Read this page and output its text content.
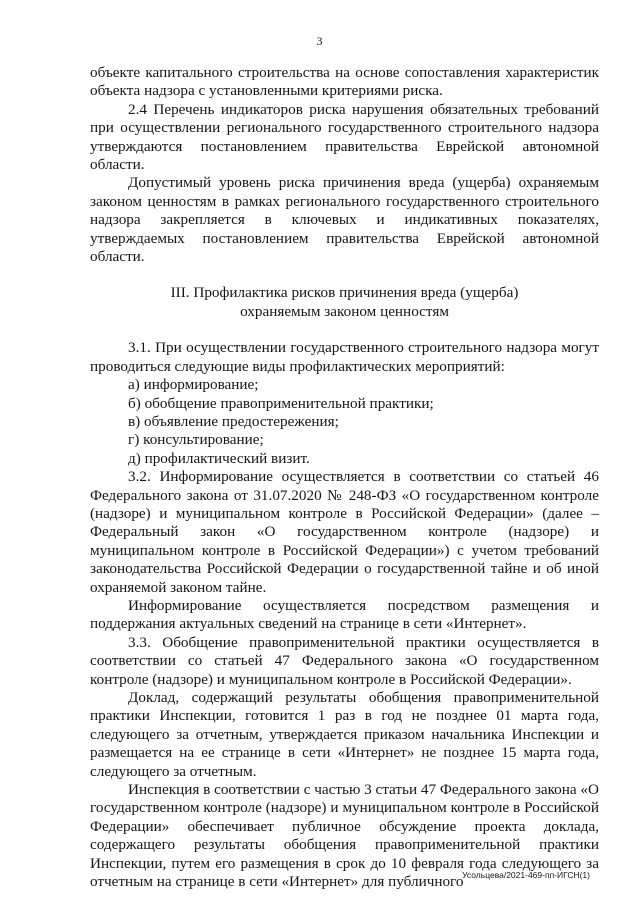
3

объекте капитального строительства на основе сопоставления характеристик объекта надзора с установленными критериями риска.

2.4 Перечень индикаторов риска нарушения обязательных требований при осуществлении регионального государственного строительного надзора утверждаются постановлением правительства Еврейской автономной области.

Допустимый уровень риска причинения вреда (ущерба) охраняемым законом ценностям в рамках регионального государственного строительного надзора закрепляется в ключевых и индикативных показателях, утверждаемых постановлением правительства Еврейской автономной области.

III. Профилактика рисков причинения вреда (ущерба)

охраняемым законом ценностям

3.1. При осуществлении государственного строительного надзора могут проводиться следующие виды профилактических мероприятий:

а) информирование;

б) обобщение правоприменительной практики;

в) объявление предостережения;

г) консультирование;

д) профилактический визит.

3.2. Информирование осуществляется в соответствии со статьей 46 Федерального закона от 31.07.2020 № 248-ФЗ «О государственном контроле (надзоре) и муниципальном контроле в Российской Федерации» (далее – Федеральный закон «О государственном контроле (надзоре) и муниципальном контроле в Российской Федерации») с учетом требований законодательства Российской Федерации о государственной тайне и об иной охраняемой законом тайне.

Информирование осуществляется посредством размещения и поддержания актуальных сведений на странице в сети «Интернет».

3.3. Обобщение правоприменительной практики осуществляется в соответствии со статьей 47 Федерального закона «О государственном контроле (надзоре) и муниципальном контроле в Российской Федерации».

Доклад, содержащий результаты обобщения правоприменительной практики Инспекции, готовится 1 раз в год не позднее 01 марта года, следующего за отчетным, утверждается приказом начальника Инспекции и размещается на ее странице в сети «Интернет» не позднее 15 марта года, следующего за отчетным.

Инспекция в соответствии с частью 3 статьи 47 Федерального закона «О государственном контроле (надзоре) и муниципальном контроле в Российской Федерации» обеспечивает публичное обсуждение проекта доклада, содержащего результаты обобщения правоприменительной практики Инспекции, путем его размещения в срок до 10 февраля года следующего за отчетным на странице в сети «Интернет» для публичного

Усольцева/2021-469-пп-ИГСН(1)
